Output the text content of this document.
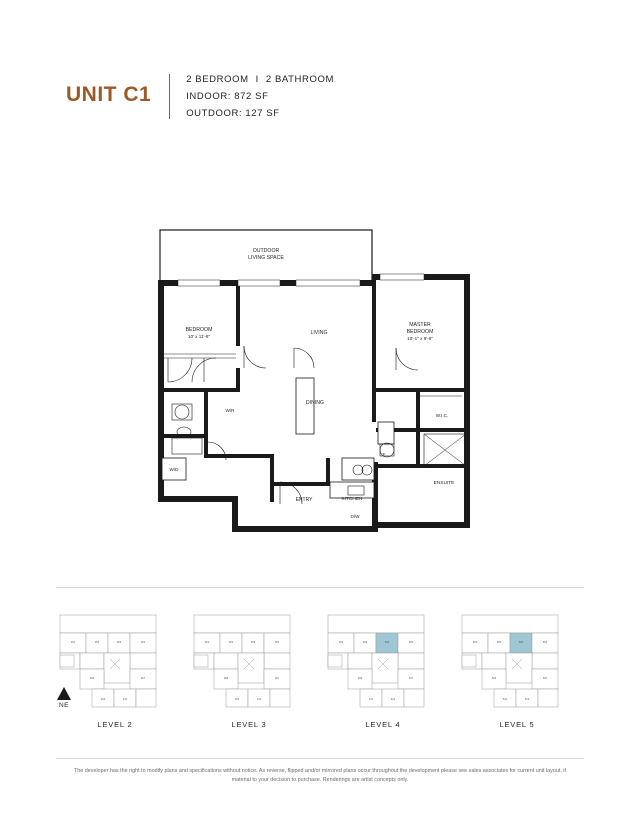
UNIT C1
2 BEDROOM I 2 BATHROOM
INDOOR: 872 SF
OUTDOOR: 127 SF
OUTDOOR
LIVING SPACE
BEDROOM
10' x 11'-8"
LIVING
MASTER
BEDROOM
10'-1" x 9'-8"
DINING
W.I.C.
ENSUITE
W/R
W/D
ENTRY	KITCHEN
D/W
F
NE
201	202	203	204
206	207
210	211
LEVEL 2
301	302	303	304
306	307
310	311
LEVEL 3
401	402	403	404
406	407
411	412
LEVEL 4
501	502	503	504
506	507
511	512
LEVEL 5
The developer has the right to modify plans and specifications without notice. As reverse, flipped and/or mirrored plans occur throughout the development please see sales associates for current unit layout, if material to your decision to purchase. Renderings are artist concepts only.
